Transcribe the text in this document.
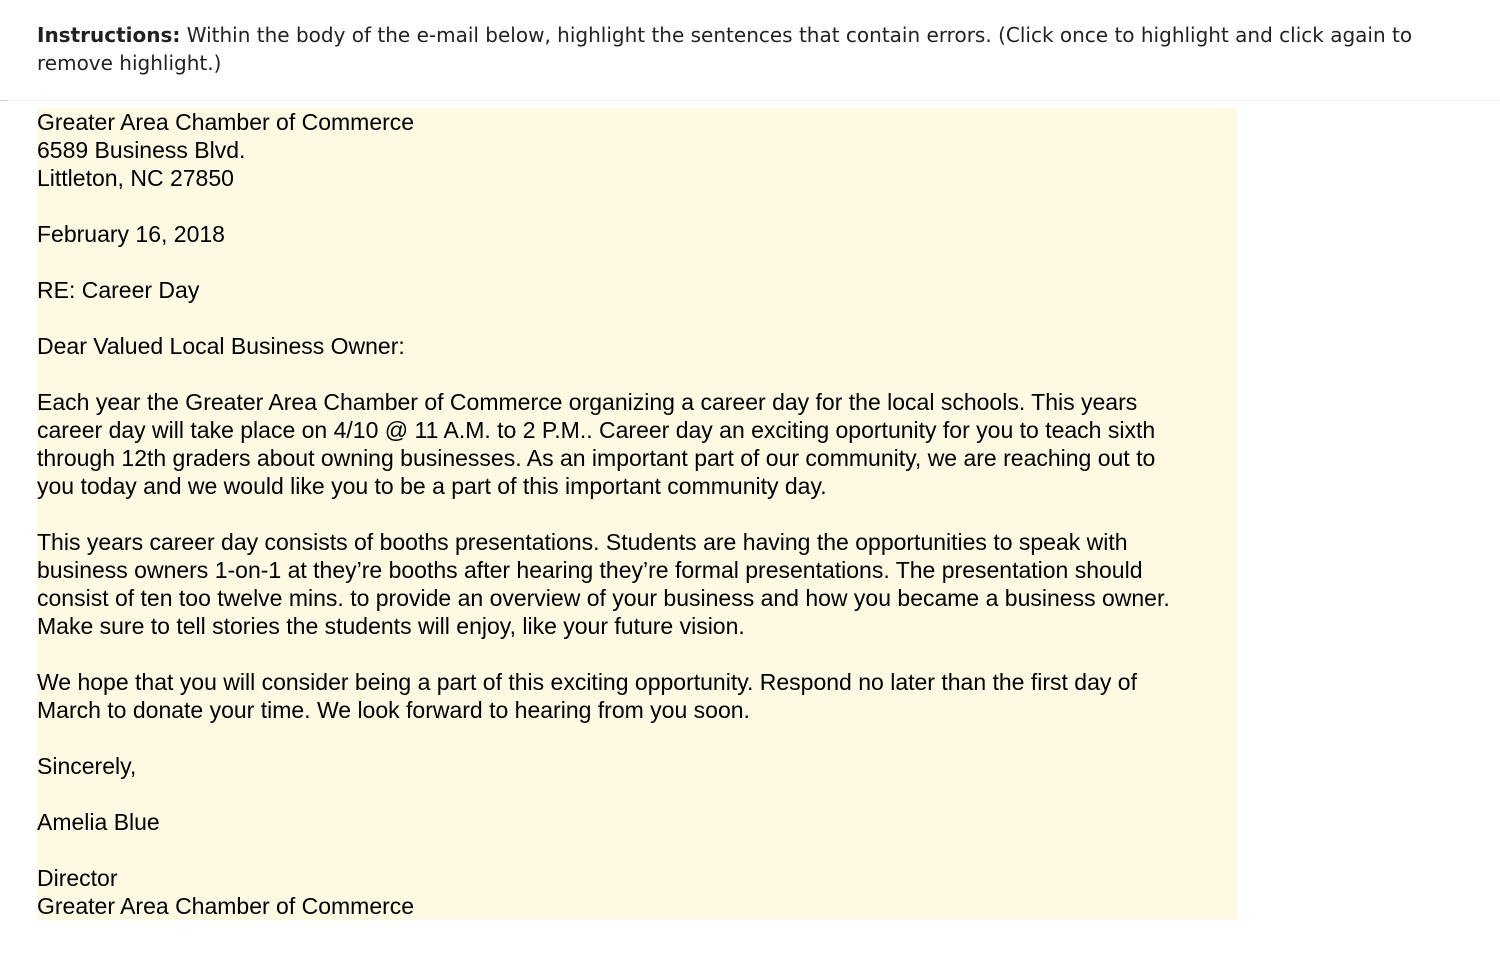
Instructions: Within the body of the e-mail below, highlight the sentences that contain errors. (Click once to highlight and click again to
remove highlight.)
Greater Area Chamber of Commerce
6589 Business Blvd.
Littleton, NC 27850
February 16, 2018
RE: Career Day
Dear Valued Local Business Owner:
Each year the Greater Area Chamber of Commerce organizing a career day for the local schools. This years
career day will take place on 4/10 @ 11 A.M. to 2 P.M.. Career day an exciting oportunity for you to teach sixth
through 12th graders about owning businesses. As an important part of our community, we are reaching out to
you today and we would like you to be a part of this important community day.
This years career day consists of booths presentations. Students are having the opportunities to speak with
business owners 1-on-1 at they’re booths after hearing they’re formal presentations. The presentation should
consist of ten too twelve mins. to provide an overview of your business and how you became a business owner.
Make sure to tell stories the students will enjoy, like your future vision.
We hope that you will consider being a part of this exciting opportunity. Respond no later than the first day of
March to donate your time. We look forward to hearing from you soon.
Sincerely,
Amelia Blue
Director
Greater Area Chamber of Commerce
